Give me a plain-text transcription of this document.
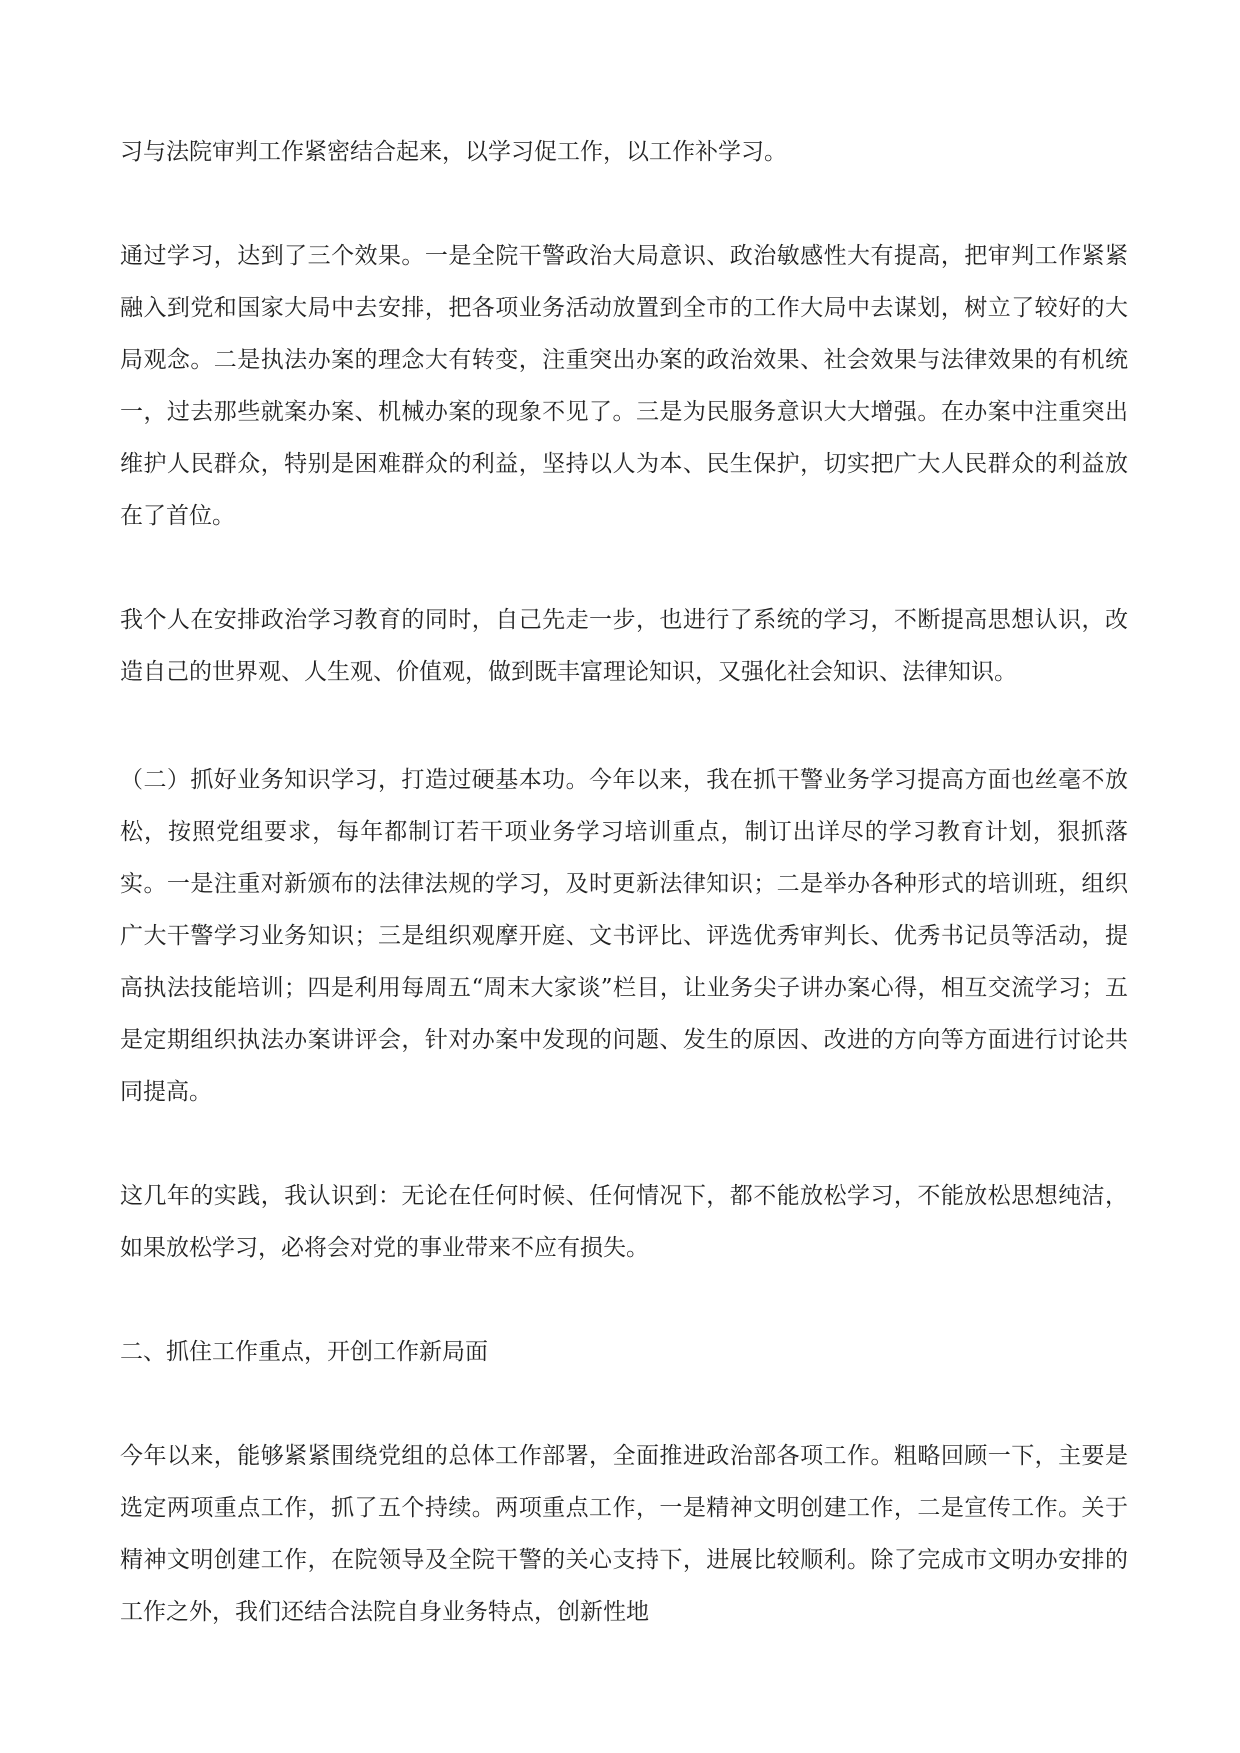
习与法院审判工作紧密结合起来，以学习促工作，以工作补学习。

通过学习，达到了三个效果。一是全院干警政治大局意识、政治敏感性大有提高，把审判工作紧紧融入到党和国家大局中去安排，把各项业务活动放置到全市的工作大局中去谋划，树立了较好的大局观念。二是执法办案的理念大有转变，注重突出办案的政治效果、社会效果与法律效果的有机统一，过去那些就案办案、机械办案的现象不见了。三是为民服务意识大大增强。在办案中注重突出维护人民群众，特别是困难群众的利益，坚持以人为本、民生保护，切实把广大人民群众的利益放在了首位。

我个人在安排政治学习教育的同时，自己先走一步，也进行了系统的学习，不断提高思想认识，改造自己的世界观、人生观、价值观，做到既丰富理论知识，又强化社会知识、法律知识。

（二）抓好业务知识学习，打造过硬基本功。今年以来，我在抓干警业务学习提高方面也丝毫不放松，按照党组要求，每年都制订若干项业务学习培训重点，制订出详尽的学习教育计划，狠抓落实。一是注重对新颁布的法律法规的学习，及时更新法律知识；二是举办各种形式的培训班，组织广大干警学习业务知识；三是组织观摩开庭、文书评比、评选优秀审判长、优秀书记员等活动，提高执法技能培训；四是利用每周五“周末大家谈”栏目，让业务尖子讲办案心得，相互交流学习；五是定期组织执法办案讲评会，针对办案中发现的问题、发生的原因、改进的方向等方面进行讨论共同提高。

这几年的实践，我认识到：无论在任何时候、任何情况下，都不能放松学习，不能放松思想纯洁，如果放松学习，必将会对党的事业带来不应有损失。

二、抓住工作重点，开创工作新局面

今年以来，能够紧紧围绕党组的总体工作部署，全面推进政治部各项工作。粗略回顾一下，主要是选定两项重点工作，抓了五个持续。两项重点工作，一是精神文明创建工作，二是宣传工作。关于精神文明创建工作，在院领导及全院干警的关心支持下，进展比较顺利。除了完成市文明办安排的工作之外，我们还结合法院自身业务特点，创新性地
